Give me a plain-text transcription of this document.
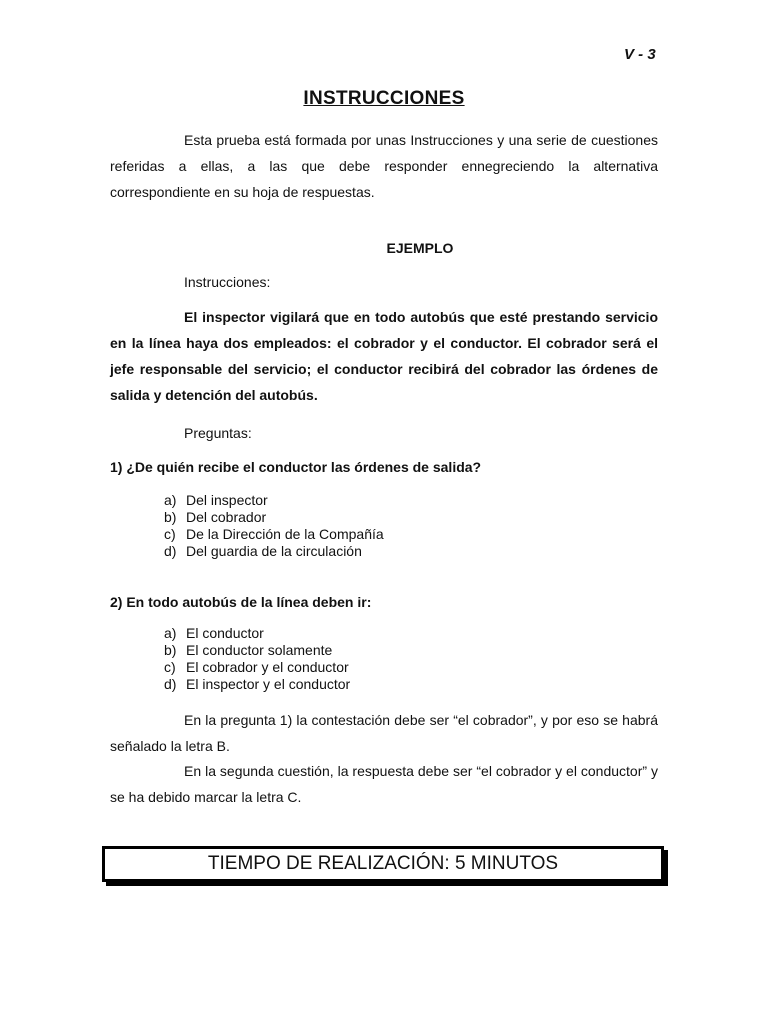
V - 3
INSTRUCCIONES

Esta prueba está formada por unas Instrucciones y una serie de cuestiones referidas a ellas, a las que debe responder ennegreciendo la alternativa correspondiente en su hoja de respuestas.

EJEMPLO
Instrucciones:

El inspector vigilará que en todo autobús que esté prestando servicio en la línea haya dos empleados: el cobrador y el conductor. El cobrador será el jefe responsable del servicio; el conductor recibirá del cobrador las órdenes de salida y detención del autobús.

Preguntas:
1) ¿De quién recibe el conductor las órdenes de salida?
a) Del inspector
b) Del cobrador
c) De la Dirección de la Compañía
d) Del guardia de la circulación
2) En todo autobús de la línea deben ir:
a) El conductor
b) El conductor solamente
c) El cobrador y el conductor
d) El inspector y el conductor

En la pregunta 1) la contestación debe ser “el cobrador”, y por eso se habrá señalado la letra B.

En la segunda cuestión, la respuesta debe ser “el cobrador y el conductor” y se ha debido marcar la letra C.

TIEMPO DE REALIZACIÓN: 5 MINUTOS
